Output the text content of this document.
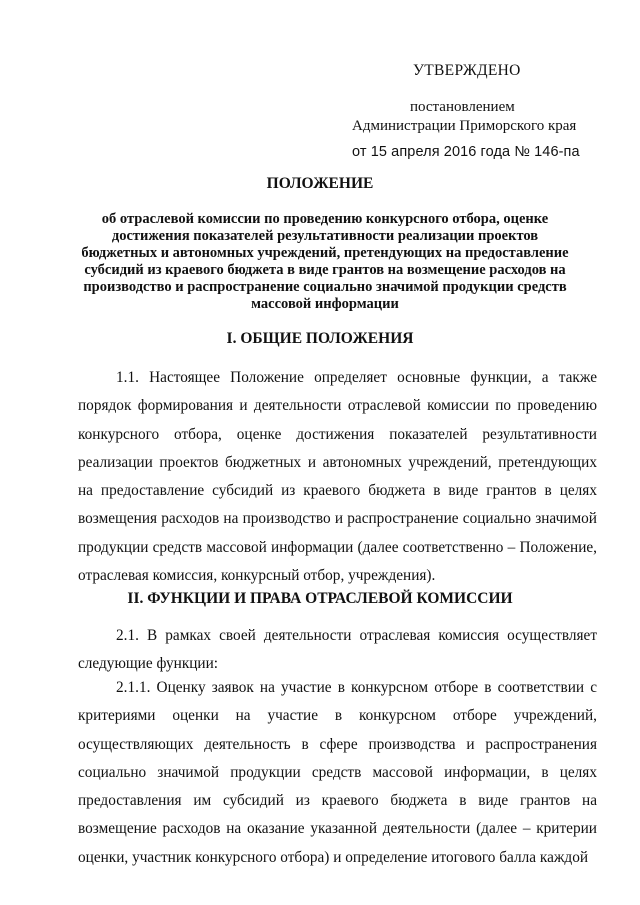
УТВЕРЖДЕНО
постановлением
Администрации Приморского края
от 15 апреля 2016 года № 146-па
ПОЛОЖЕНИЕ
об отраслевой комиссии по проведению конкурсного отбора, оценке достижения показателей результативности реализации проектов бюджетных и автономных учреждений, претендующих на предоставление субсидий из краевого бюджета в виде грантов на возмещение расходов на производство и распространение социально значимой продукции средств массовой информации
I. ОБЩИЕ ПОЛОЖЕНИЯ
1.1. Настоящее Положение определяет основные функции, а также порядок формирования и деятельности отраслевой комиссии по проведению конкурсного отбора, оценке достижения показателей результативности реализации проектов бюджетных и автономных учреждений, претендующих на предоставление субсидий из краевого бюджета в виде грантов в целях возмещения расходов на производство и распространение социально значимой продукции средств массовой информации (далее соответственно – Положение, отраслевая комиссия, конкурсный отбор, учреждения).
II. ФУНКЦИИ И ПРАВА ОТРАСЛЕВОЙ КОМИССИИ
2.1. В рамках своей деятельности отраслевая комиссия осуществляет следующие функции:
2.1.1. Оценку заявок на участие в конкурсном отборе в соответствии с критериями оценки на участие в конкурсном отборе учреждений, осуществляющих деятельность в сфере производства и распространения социально значимой продукции средств массовой информации, в целях предоставления им субсидий из краевого бюджета в виде грантов на возмещение расходов на оказание указанной деятельности (далее – критерии оценки, участник конкурсного отбора) и определение итогового балла каждой
